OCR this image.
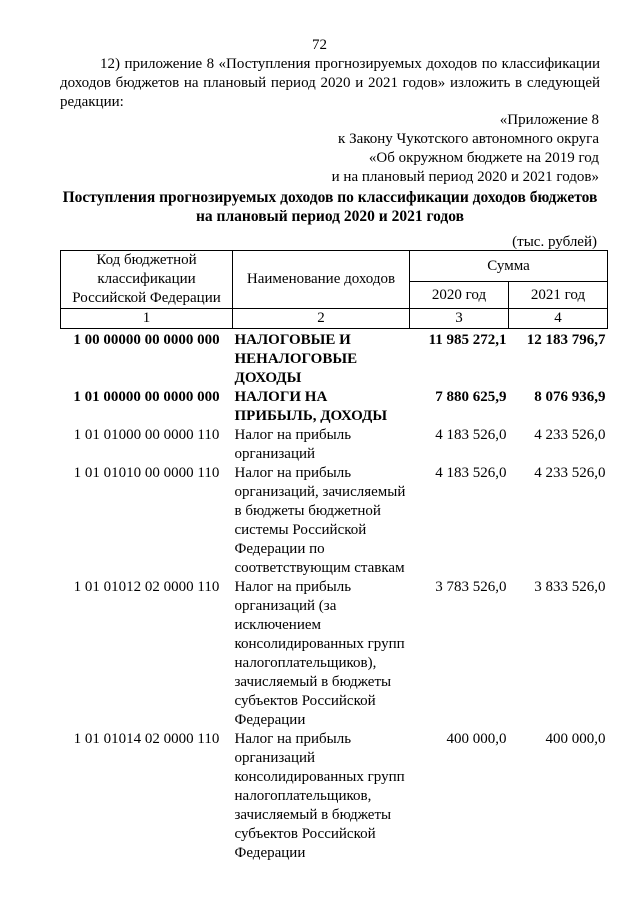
72
12) приложение 8 «Поступления прогнозируемых доходов по классификации доходов бюджетов на плановый период 2020 и 2021 годов» изложить в следующей редакции:
«Приложение 8
к Закону Чукотского автономного округа
«Об окружном бюджете на 2019 год
и на плановый период 2020 и 2021 годов»
Поступления прогнозируемых доходов по классификации доходов бюджетов
на плановый период 2020 и 2021 годов
(тыс. рублей)
Код бюджетной классификации Российской Федерации	Наименование доходов	Сумма	
		2020 год	2021 год
1	2	3	4
1 00 00000 00 0000 000	НАЛОГОВЫЕ И НЕНАЛОГОВЫЕ ДОХОДЫ	11 985 272,1	12 183 796,7
1 01 00000 00 0000 000	НАЛОГИ НА ПРИБЫЛЬ, ДОХОДЫ	7 880 625,9	8 076 936,9
1 01 01000 00 0000 110	Налог на прибыль организаций	4 183 526,0	4 233 526,0
1 01 01010 00 0000 110	Налог на прибыль организаций, зачисляемый в бюджеты бюджетной системы Российской Федерации по соответствующим ставкам	4 183 526,0	4 233 526,0
1 01 01012 02 0000 110	Налог на прибыль организаций (за исключением консолидированных групп налогоплательщиков), зачисляемый в бюджеты субъектов Российской Федерации	3 783 526,0	3 833 526,0
1 01 01014 02 0000 110	Налог на прибыль организаций консолидированных групп налогоплательщиков, зачисляемый в бюджеты субъектов Российской Федерации	400 000,0	400 000,0
